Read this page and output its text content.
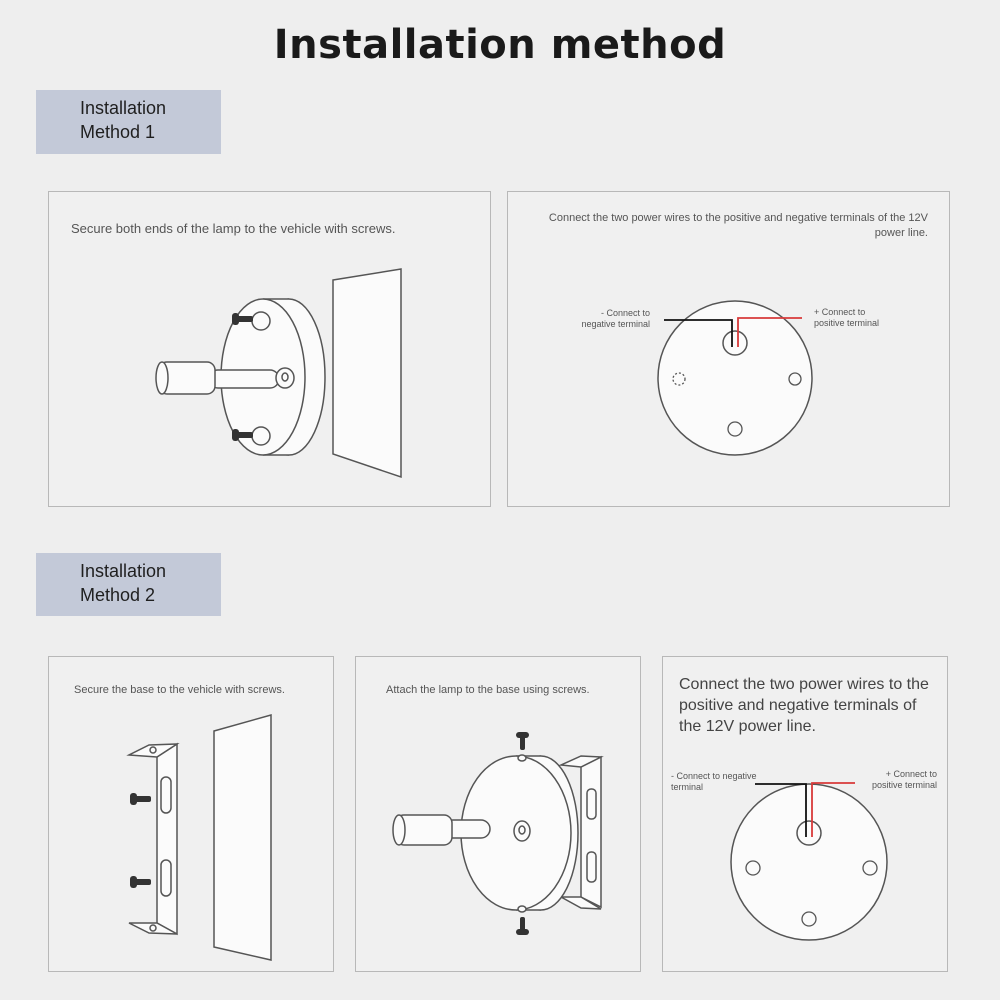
Installation method
Installation
Method 1
Secure both ends of the lamp to the vehicle with screws.
Connect the two power wires to the positive and negative terminals of the 12V power line.
- Connect to negative terminal
+ Connect to positive terminal
Installation
Method 2
Secure the base to the vehicle with screws.	Attach the lamp to the base using screws.	Connect the two power wires to the positive and negative terminals of the 12V power line.
- Connect to negative terminal
+ Connect to positive terminal
